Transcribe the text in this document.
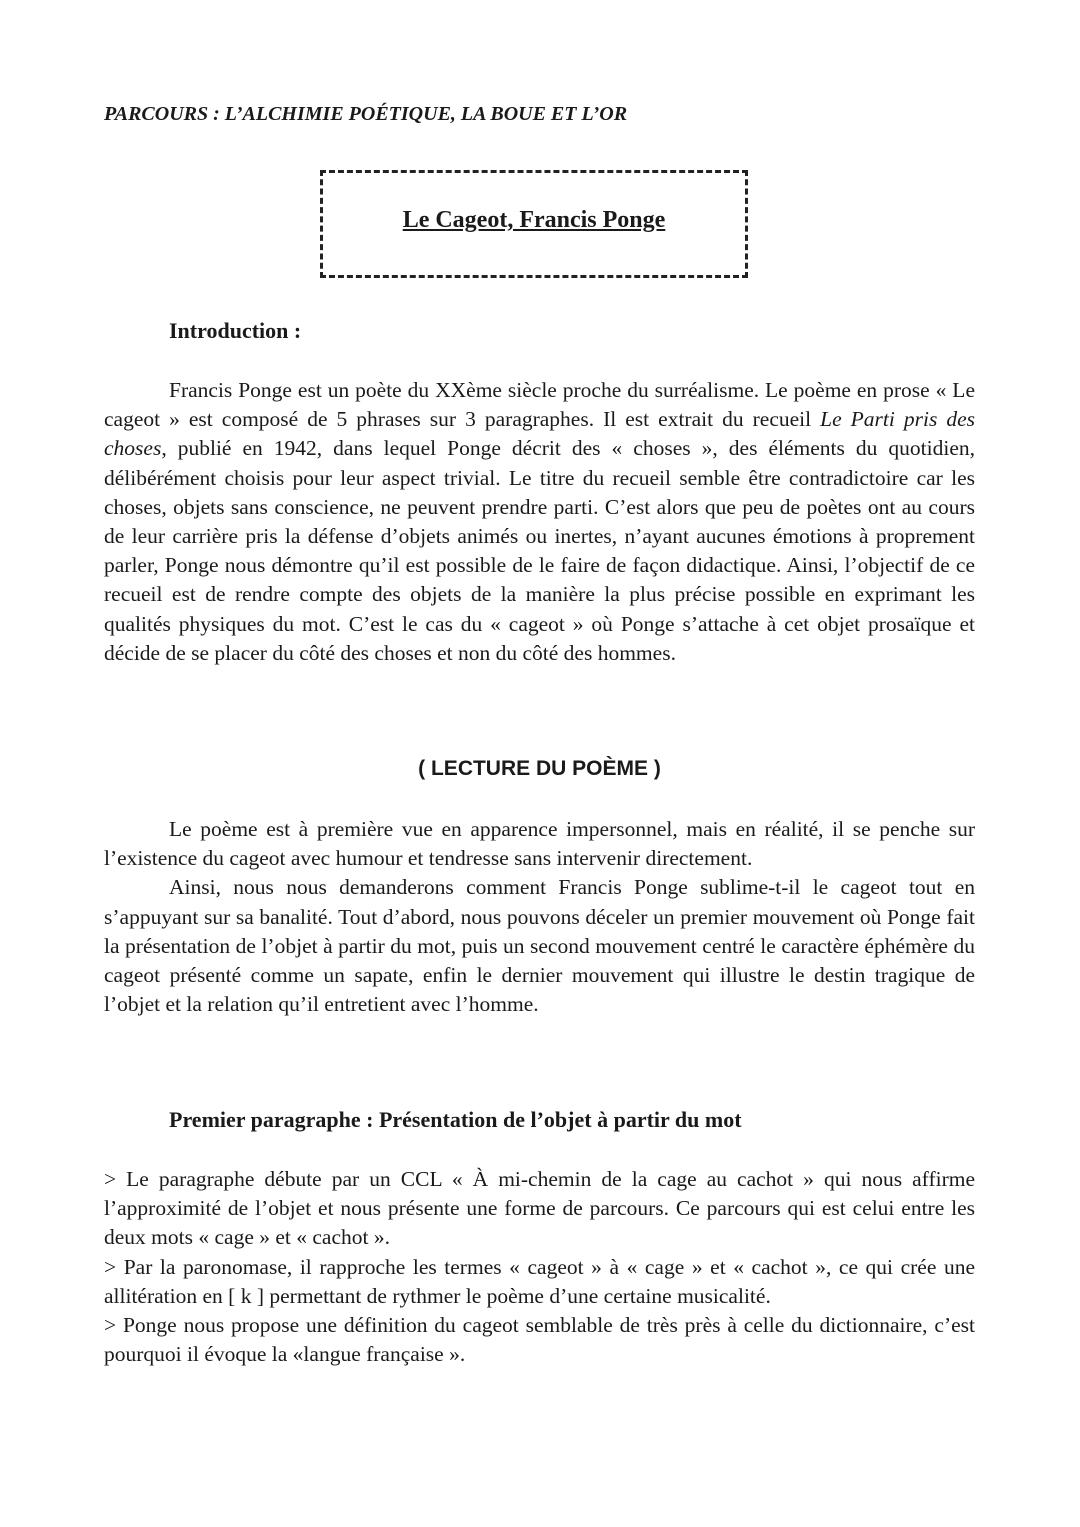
PARCOURS : L’ALCHIMIE POÉTIQUE, LA BOUE ET L’OR
Le Cageot, Francis Ponge
Introduction :

Francis Ponge est un poète du XXème siècle proche du surréalisme. Le poème en prose « Le cageot » est composé de 5 phrases sur 3 paragraphes. Il est extrait du recueil Le Parti pris des choses, publié en 1942, dans lequel Ponge décrit des « choses », des éléments du quotidien, délibérément choisis pour leur aspect trivial. Le titre du recueil semble être contradictoire car les choses, objets sans conscience, ne peuvent prendre parti. C’est alors que peu de poètes ont au cours de leur carrière pris la défense d’objets animés ou inertes, n’ayant aucunes émotions à proprement parler, Ponge nous démontre qu’il est possible de le faire de façon didactique. Ainsi, l’objectif de ce recueil est de rendre compte des objets de la manière la plus précise possible en exprimant les qualités physiques du mot. C’est le cas du « cageot » où Ponge s’attache à cet objet prosaïque et décide de se placer du côté des choses et non du côté des hommes.

( LECTURE DU POÈME )

Le poème est à première vue en apparence impersonnel, mais en réalité, il se penche sur l’existence du cageot avec humour et tendresse sans intervenir directement.

Ainsi, nous nous demanderons comment Francis Ponge sublime-t-il le cageot tout en s’appuyant sur sa banalité. Tout d’abord, nous pouvons déceler un premier mouvement où Ponge fait la présentation de l’objet à partir du mot, puis un second mouvement centré le caractère éphémère du cageot présenté comme un sapate, enfin le dernier mouvement qui illustre le destin tragique de l’objet et la relation qu’il entretient avec l’homme.

Premier paragraphe : Présentation de l’objet à partir du mot

> Le paragraphe débute par un CCL « À mi-chemin de la cage au cachot » qui nous affirme l’approximité de l’objet et nous présente une forme de parcours. Ce parcours qui est celui entre les deux mots « cage » et « cachot ».

> Par la paronomase, il rapproche les termes « cageot » à « cage » et « cachot », ce qui crée une allitération en [ k ] permettant de rythmer le poème d’une certaine musicalité.

> Ponge nous propose une définition du cageot semblable de très près à celle du dictionnaire, c’est pourquoi il évoque la «langue française ».
